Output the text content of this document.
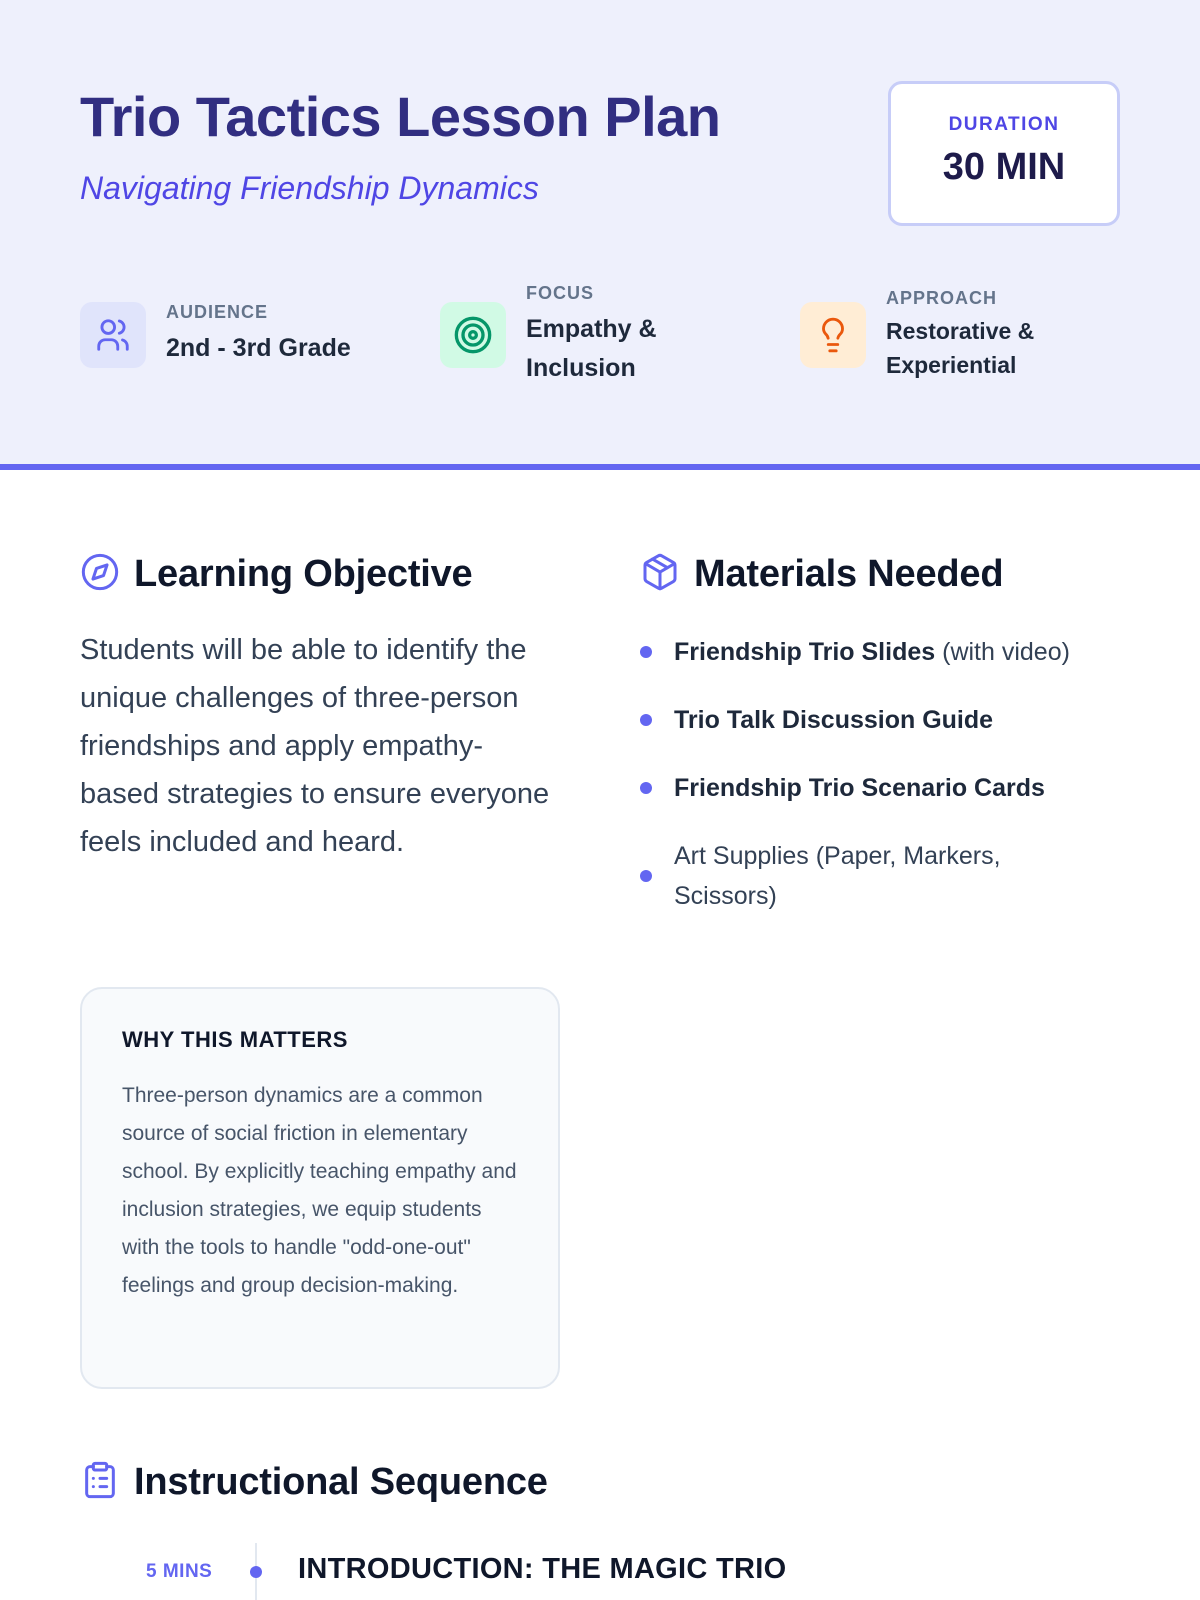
Trio Tactics Lesson Plan
Navigating Friendship Dynamics
DURATION
30 MIN
AUDIENCE
2nd - 3rd Grade
FOCUS
Empathy &
Inclusion
APPROACH
Restorative &
Experiential
Learning Objective

Students will be able to identify the unique challenges of three-person friendships and apply empathy-based strategies to ensure everyone feels included and heard.

Materials Needed
Friendship Trio Slides (with video)
Trio Talk Discussion Guide
Friendship Trio Scenario Cards
Art Supplies (Paper, Markers, Scissors)
WHY THIS MATTERS

Three-person dynamics are a common source of social friction in elementary school. By explicitly teaching empathy and inclusion strategies, we equip students with the tools to handle "odd-one-out" feelings and group decision-making.

Instructional Sequence
5 MINS	INTRODUCTION: THE MAGIC TRIO
